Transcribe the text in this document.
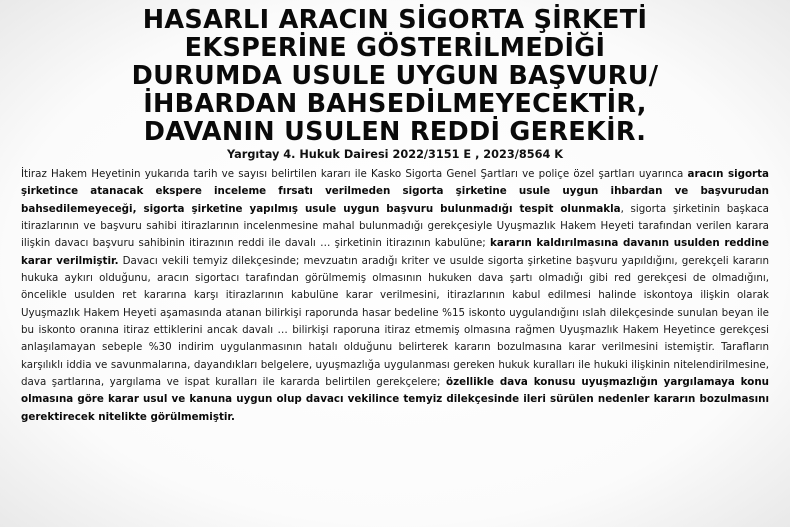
HASARLI ARACIN SİGORTA ŞİRKETİ
EKSPERİNE GÖSTERİLMEDİĞİ
DURUMDA USULE UYGUN BAŞVURU/
İHBARDAN BAHSEDİLMEYECEKTİR,
DAVANIN USULEN REDDİ GEREKİR.
Yargıtay 4. Hukuk Dairesi 2022/3151 E , 2023/8564 K

İtiraz Hakem Heyetinin yukarıda tarih ve sayısı belirtilen kararı ile Kasko Sigorta Genel Şartları ve poliçe özel şartları uyarınca aracın sigorta şirketince atanacak ekspere inceleme fırsatı verilmeden sigorta şirketine usule uygun ihbardan ve başvurudan bahsedilemeyeceği, sigorta şirketine yapılmış usule uygun başvuru bulunmadığı tespit olunmakla, sigorta şirketinin başkaca itirazlarının ve başvuru sahibi itirazlarının incelenmesine mahal bulunmadığı gerekçesiyle Uyuşmazlık Hakem Heyeti tarafından verilen karara ilişkin davacı başvuru sahibinin itirazının reddi ile davalı … şirketinin itirazının kabulüne; kararın kaldırılmasına davanın usulden reddine karar verilmiştir. Davacı vekili temyiz dilekçesinde; mevzuatın aradığı kriter ve usulde sigorta şirketine başvuru yapıldığını, gerekçeli kararın hukuka aykırı olduğunu, aracın sigortacı tarafından görülmemiş olmasının hukuken dava şartı olmadığı gibi red gerekçesi de olmadığını, öncelikle usulden ret kararına karşı itirazlarının kabulüne karar verilmesini, itirazlarının kabul edilmesi halinde iskontoya ilişkin olarak Uyuşmazlık Hakem Heyeti aşamasında atanan bilirkişi raporunda hasar bedeline %15 iskonto uygulandığını ıslah dilekçesinde sunulan beyan ile bu iskonto oranına itiraz ettiklerini ancak davalı … bilirkişi raporuna itiraz etmemiş olmasına rağmen Uyuşmazlık Hakem Heyetince gerekçesi anlaşılamayan sebeple %30 indirim uygulanmasının hatalı olduğunu belirterek kararın bozulmasına karar verilmesini istemiştir. Tarafların karşılıklı iddia ve savunmalarına, dayandıkları belgelere, uyuşmazlığa uygulanması gereken hukuk kuralları ile hukuki ilişkinin nitelendirilmesine, dava şartlarına, yargılama ve ispat kuralları ile kararda belirtilen gerekçelere; özellikle dava konusu uyuşmazlığın yargılamaya konu olmasına göre karar usul ve kanuna uygun olup davacı vekilince temyiz dilekçesinde ileri sürülen nedenler kararın bozulmasını gerektirecek nitelikte görülmemiştir.
